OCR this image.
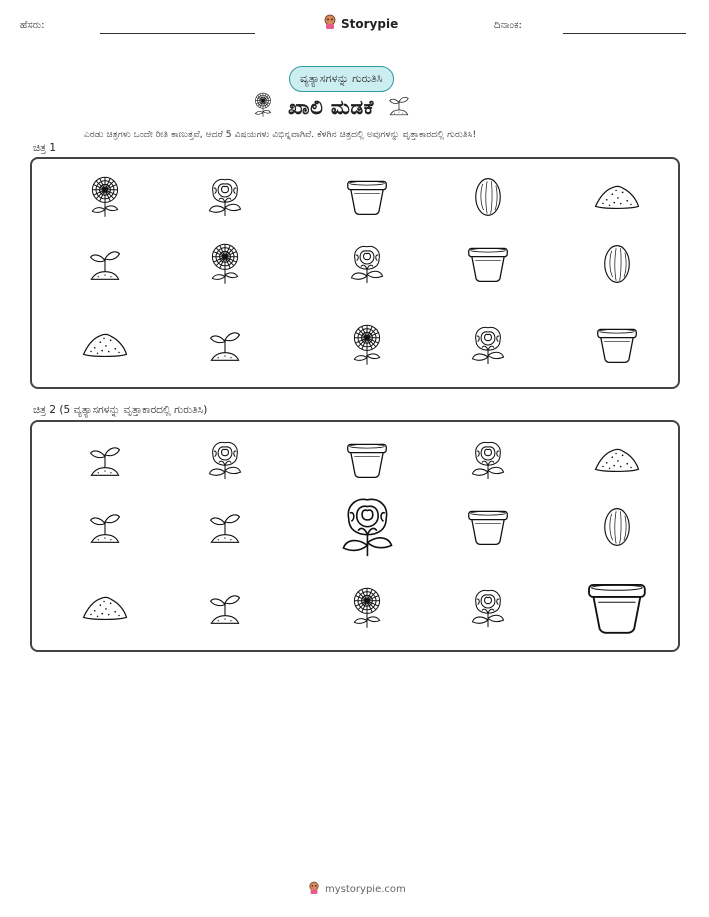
ಹೆಸರು:	Storypie	ದಿನಾಂಕ:
ವ್ಯತ್ಯಾಸಗಳನ್ನು ಗುರುತಿಸಿ
ಖಾಲಿ ಮಡಕೆ
ಎರಡು ಚಿತ್ರಗಳು ಒಂದೇ ರೀತಿ ಕಾಣುತ್ತವೆ, ಆದರೆ 5 ವಿಷಯಗಳು ವಿಭಿನ್ನವಾಗಿವೆ. ಕೆಳಗಿನ ಚಿತ್ರದಲ್ಲಿ ಅವುಗಳನ್ನು ವೃತ್ತಾಕಾರದಲ್ಲಿ ಗುರುತಿಸಿ!
ಚಿತ್ರ 1
ಚಿತ್ರ 2 (5 ವ್ಯತ್ಯಾಸಗಳನ್ನು ವೃತ್ತಾಕಾರದಲ್ಲಿ ಗುರುತಿಸಿ)
mystorypie.com
